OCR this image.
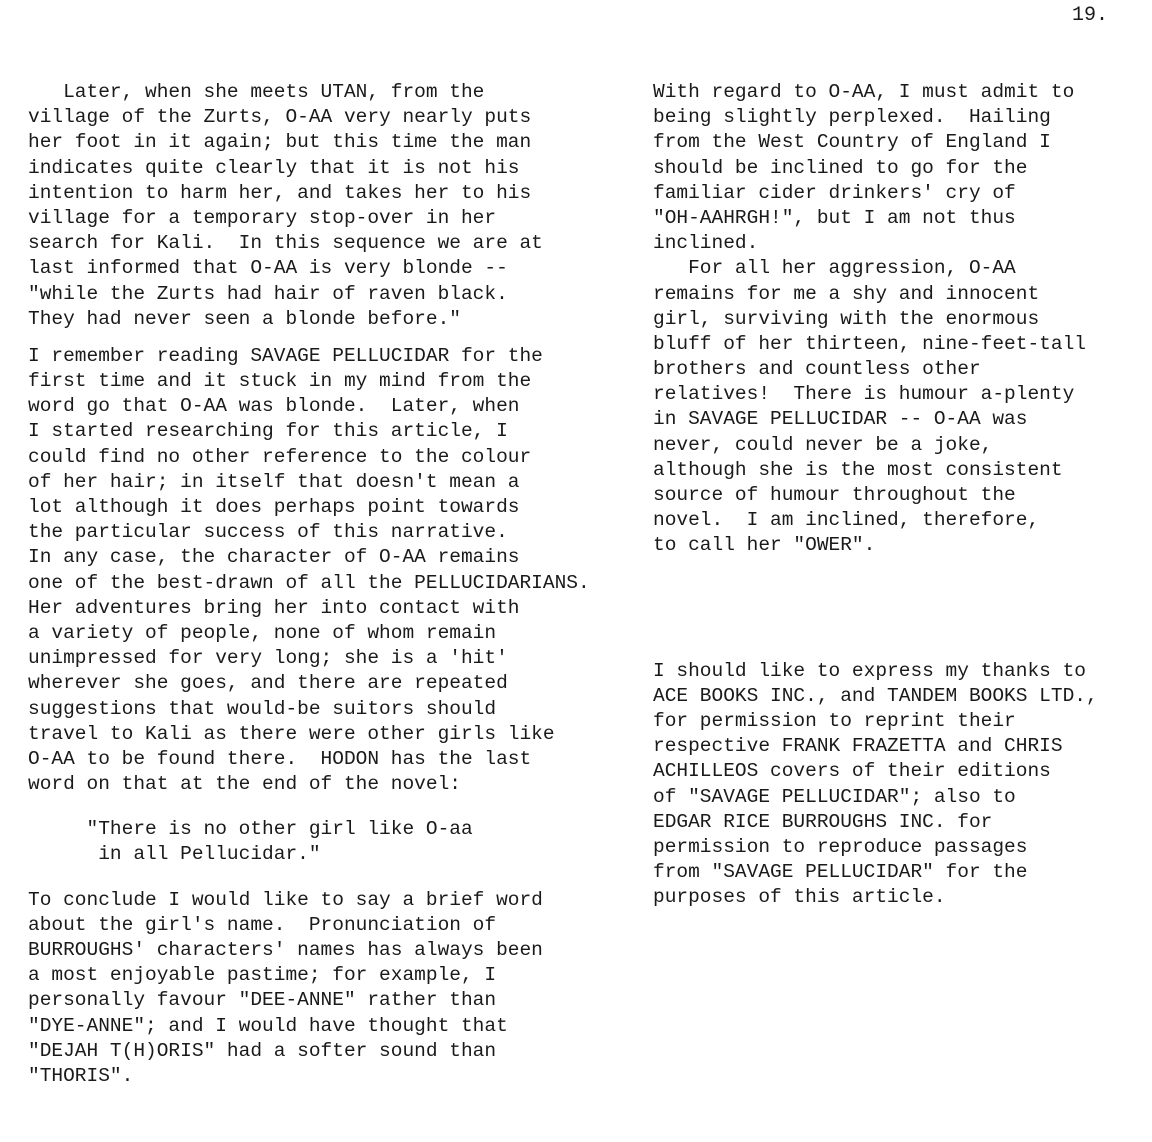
19.
Later, when she meets UTAN, from the
village of the Zurts, O-AA very nearly puts
her foot in it again; but this time the man
indicates quite clearly that it is not his
intention to harm her, and takes her to his
village for a temporary stop-over in her
search for Kali.  In this sequence we are at
last informed that O-AA is very blonde --
"while the Zurts had hair of raven black.
They had never seen a blonde before."
I remember reading SAVAGE PELLUCIDAR for the
first time and it stuck in my mind from the
word go that O-AA was blonde.  Later, when
I started researching for this article, I
could find no other reference to the colour
of her hair; in itself that doesn't mean a
lot although it does perhaps point towards
the particular success of this narrative.
In any case, the character of O-AA remains
one of the best-drawn of all the PELLUCIDARIANS.
Her adventures bring her into contact with
a variety of people, none of whom remain
unimpressed for very long; she is a 'hit'
wherever she goes, and there are repeated
suggestions that would-be suitors should
travel to Kali as there were other girls like
O-AA to be found there.  HODON has the last
word on that at the end of the novel:
"There is no other girl like O-aa
in all Pellucidar."
To conclude I would like to say a brief word
about the girl's name.  Pronunciation of
BURROUGHS' characters' names has always been
a most enjoyable pastime; for example, I
personally favour "DEE-ANNE" rather than
"DYE-ANNE"; and I would have thought that
"DEJAH T(H)ORIS" had a softer sound than
"THORIS".
With regard to O-AA, I must admit to
being slightly perplexed.  Hailing
from the West Country of England I
should be inclined to go for the
familiar cider drinkers' cry of
"OH-AAHRGH!", but I am not thus
inclined.
For all her aggression, O-AA
remains for me a shy and innocent
girl, surviving with the enormous
bluff of her thirteen, nine-feet-tall
brothers and countless other
relatives!  There is humour a-plenty
in SAVAGE PELLUCIDAR -- O-AA was
never, could never be a joke,
although she is the most consistent
source of humour throughout the
novel.  I am inclined, therefore,
to call her "OWER".
I should like to express my thanks to
ACE BOOKS INC., and TANDEM BOOKS LTD.,
for permission to reprint their
respective FRANK FRAZETTA and CHRIS
ACHILLEOS covers of their editions
of "SAVAGE PELLUCIDAR"; also to
EDGAR RICE BURROUGHS INC. for
permission to reproduce passages
from "SAVAGE PELLUCIDAR" for the
purposes of this article.
